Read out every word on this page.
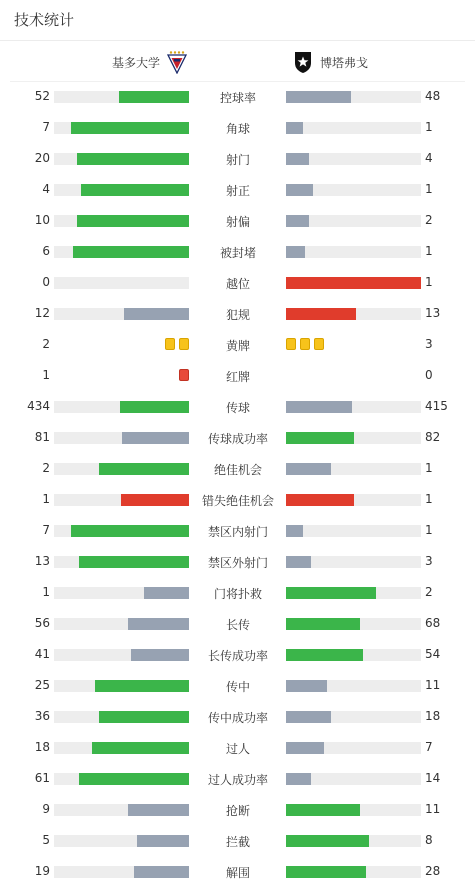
技术统计
基多大学	博塔弗戈
52	控球率	48
7	角球	1
20	射门	4
4	射正	1
10	射偏	2
6	被封堵	1
0	越位	1
12	犯规	13
2	黄牌	3
1	红牌	0
434	传球	415
81	传球成功率	82
2	绝佳机会	1
1	错失绝佳机会	1
7	禁区内射门	1
13	禁区外射门	3
1	门将扑救	2
56	长传	68
41	长传成功率	54
25	传中	11
36	传中成功率	18
18	过人	7
61	过人成功率	14
9	抢断	11
5	拦截	8
19	解围	28
